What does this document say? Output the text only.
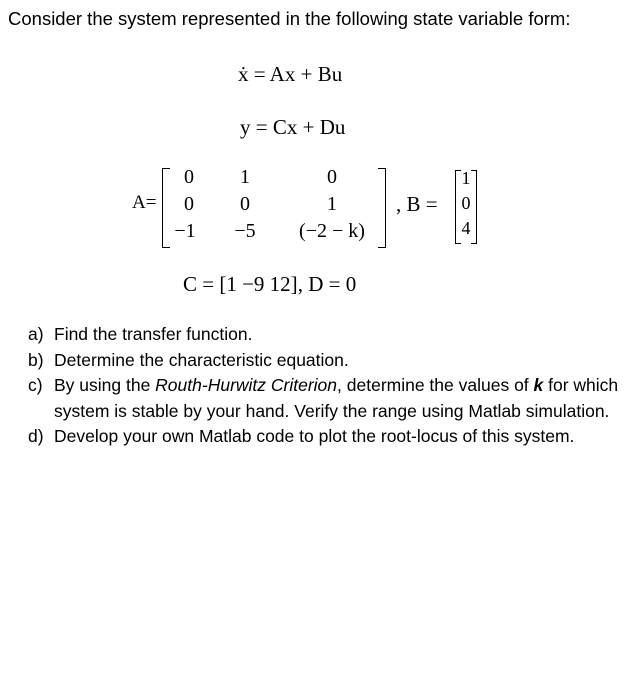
Consider the system represented in the following state variable form:
ẋ = Ax + Bu
y = Cx + Du
A=
0	1	0
0	0	1
−1	−5	(−2 − k)
, B =
1
0
4
C = [1 −9 12], D = 0
a) Find the transfer function.
b) Determine the characteristic equation.
c) By using the Routh-Hurwitz Criterion, determine the values of k for which system is stable by your hand. Verify the range using Matlab simulation.
d) Develop your own Matlab code to plot the root-locus of this system.
